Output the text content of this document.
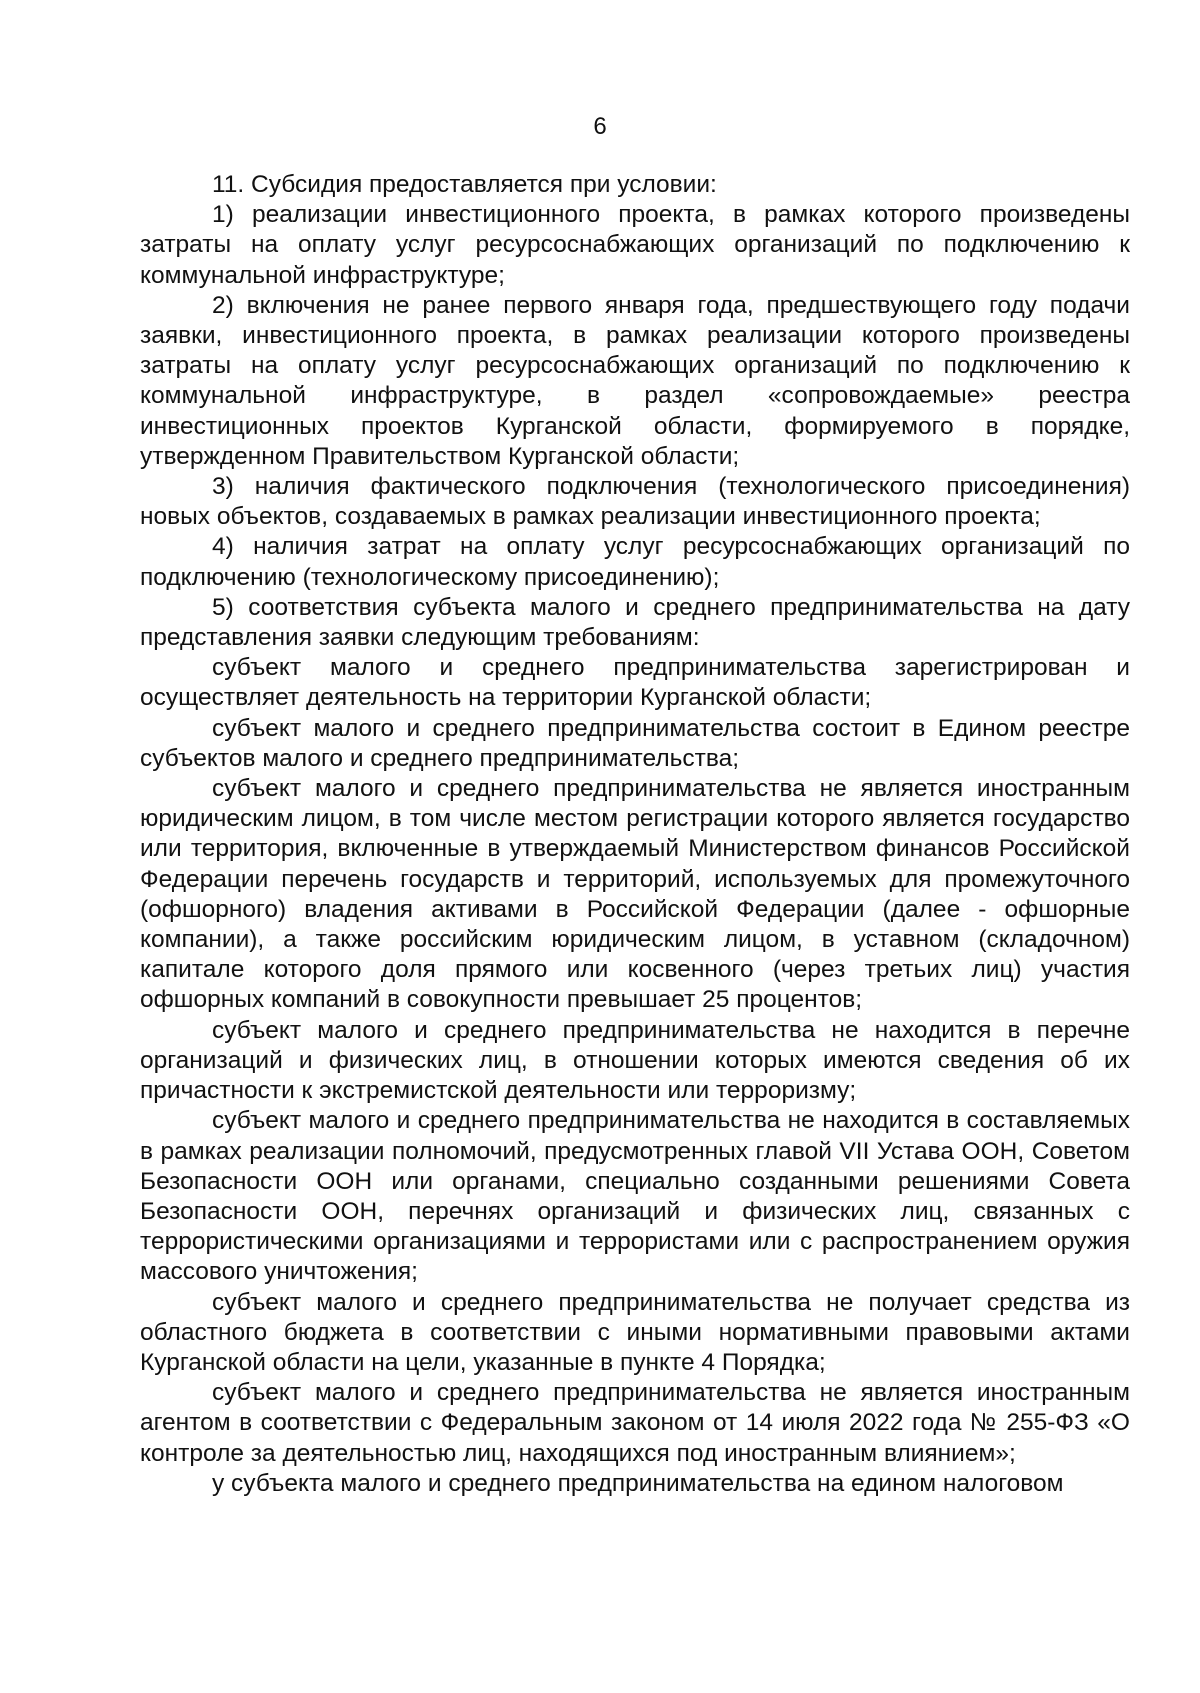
6

11. Субсидия предоставляется при условии:

1) реализации инвестиционного проекта, в рамках которого произведены затраты на оплату услуг ресурсоснабжающих организаций по подключению к коммунальной инфраструктуре;

2) включения не ранее первого января года, предшествующего году подачи заявки, инвестиционного проекта, в рамках реализации которого произведены затраты на оплату услуг ресурсоснабжающих организаций по подключению к коммунальной инфраструктуре, в раздел «сопровождаемые» реестра инвестиционных проектов Курганской области, формируемого в порядке, утвержденном Правительством Курганской области;

3) наличия фактического подключения (технологического присоединения) новых объектов, создаваемых в рамках реализации инвестиционного проекта;

4) наличия затрат на оплату услуг ресурсоснабжающих организаций по подключению (технологическому присоединению);

5) соответствия субъекта малого и среднего предпринимательства на дату представления заявки следующим требованиям:

субъект малого и среднего предпринимательства зарегистрирован и осуществляет деятельность на территории Курганской области;

субъект малого и среднего предпринимательства состоит в Едином реестре субъектов малого и среднего предпринимательства;

субъект малого и среднего предпринимательства не является иностранным юридическим лицом, в том числе местом регистрации которого является государство или территория, включенные в утверждаемый Министерством финансов Российской Федерации перечень государств и территорий, используемых для промежуточного (офшорного) владения активами в Российской Федерации (далее - офшорные компании), а также российским юридическим лицом, в уставном (складочном) капитале которого доля прямого или косвенного (через третьих лиц) участия офшорных компаний в совокупности превышает 25 процентов;

субъект малого и среднего предпринимательства не находится в перечне организаций и физических лиц, в отношении которых имеются сведения об их причастности к экстремистской деятельности или терроризму;

субъект малого и среднего предпринимательства не находится в составляемых в рамках реализации полномочий, предусмотренных главой VII Устава ООН, Советом Безопасности ООН или органами, специально созданными решениями Совета Безопасности ООН, перечнях организаций и физических лиц, связанных с террористическими организациями и террористами или с распространением оружия массового уничтожения;

субъект малого и среднего предпринимательства не получает средства из областного бюджета в соответствии с иными нормативными правовыми актами Курганской области на цели, указанные в пункте 4 Порядка;

субъект малого и среднего предпринимательства не является иностранным агентом в соответствии с Федеральным законом от 14 июля 2022 года № 255-ФЗ «О контроле за деятельностью лиц, находящихся под иностранным влиянием»;

у субъекта малого и среднего предпринимательства на едином налоговом
